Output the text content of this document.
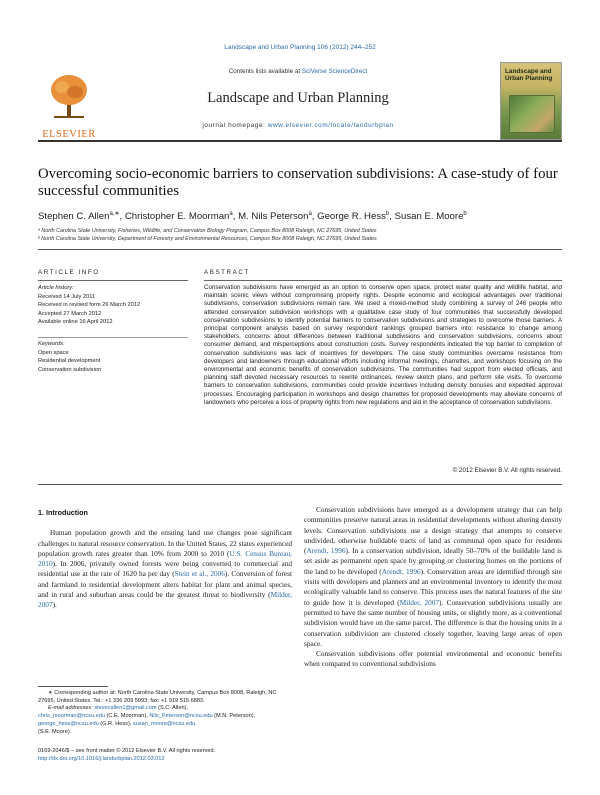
Landscape and Urban Planning 106 (2012) 244–252
ELSEVIER
Contents lists available at SciVerse ScienceDirect
Landscape and Urban Planning
journal homepage: www.elsevier.com/locate/landurbplan
Landscape and Urban Planning
Overcoming socio-economic barriers to conservation subdivisions: A case-study of four successful communities
Stephen C. Allen$^{a,∗}$, Christopher E. Moorman$^a$, M. Nils Peterson$^a$, George R. Hess$^b$, Susan E. Moore$^b$
ᵃ North Carolina State University, Fisheries, Wildlife, and Conservation Biology Program, Campus Box 8008 Raleigh, NC 27695, United States
ᵇ North Carolina State University, Department of Forestry and Environmental Resources, Campus Box 8008 Raleigh, NC 27695, United States
ARTICLE INFO	ABSTRACT
Article history:
Received 14 July 2011
Received in revised form 26 March 2012
Accepted 27 March 2012
Available online 16 April 2012
Keywords:
Open space
Residential development
Conservation subdivision
Conservation subdivisions have emerged as an option to conserve open space, protect water quality and wildlife habitat, and maintain scenic views without compromising property rights. Despite economic and ecological advantages over traditional subdivisions, conservation subdivisions remain rare. We used a mixed-method study combining a survey of 246 people who attended conservation subdivision workshops with a qualitative case study of four communities that successfully developed conservation subdivisions to identify potential barriers to conservation subdivisions and strategies to overcome those barriers. A principal component analysis based on survey respondent rankings grouped barriers into: resistance to change among stakeholders, concerns about differences between traditional subdivisions and conservation subdivisions, concerns about consumer demand, and misperceptions about construction costs. Survey respondents indicated the top barrier to completion of conservation subdivisions was lack of incentives for developers. The case study communities overcame resistance from developers and landowners through educational efforts including informal meetings, charrettes, and workshops focusing on the environmental and economic benefits of conservation subdivisions. The communities had support from elected officials, and planning staff devoted necessary resources to rewrite ordinances, review sketch plans, and perform site visits. To overcome barriers to conservation subdivisions, communities could provide incentives including density bonuses and expedited approval processes. Encouraging participation in workshops and design charrettes for proposed developments may alleviate concerns of landowners who perceive a loss of property rights from new regulations and aid in the acceptance of conservation subdivisions.
© 2012 Elsevier B.V. All rights reserved.
1. Introduction
Human population growth and the ensuing land use changes pose significant challenges to natural resource conservation. In the United States, 22 states experienced population growth rates greater than 10% from 2000 to 2010 (U.S. Census Bureau, 2010). In 2006, privately owned forests were being converted to commercial and residential use at the rate of 1620 ha per day (Stein et al., 2006). Conversion of forest and farmland to residential development alters habitat for plant and animal species, and in rural and suburban areas could be the greatest threat to biodiversity (Milder, 2007).
Conservation subdivisions have emerged as a development strategy that can help communities preserve natural areas in residential developments without altering density levels. Conservation subdivisions use a design strategy that attempts to conserve undivided, otherwise buildable tracts of land as communal open space for residents (Arendt, 1996). In a conservation subdivision, ideally 50–70% of the buildable land is set aside as permanent open space by grouping or clustering homes on the portions of the land to be developed (Arendt, 1996). Conservation areas are identified through site visits with developers and planners and an environmental inventory to identify the most ecologically valuable land to conserve. This process uses the natural features of the site to guide how it is developed (Milder, 2007). Conservation subdivisions usually are permitted to have the same number of housing units, or slightly more, as a conventional subdivision would have on the same parcel. The difference is that the housing units in a conservation subdivision are clustered closely together, leaving large areas of open space.
Conservation subdivisions offer potential environmental and economic benefits when compared to conventional subdivisions
∗ Corresponding author at: North Carolina State University, Campus Box 8008, Raleigh, NC 27695, United States. Tel.: +1 336 209 5093; fax: +1 919 515 6883.
E-mail addresses: stevecallen1@gmail.com (S.C. Allen),
chris_moorman@ncsu.edu (C.E. Moorman), Nils_Peterson@ncsu.edu (M.N. Peterson),
george_hess@ncsu.edu (G.R. Hess), susan_moore@ncsu.edu
(S.E. Moore).
0169-2046/$ – see front matter © 2012 Elsevier B.V. All rights reserved.
http://dx.doi.org/10.1016/j.landurbplan.2012.03.012
